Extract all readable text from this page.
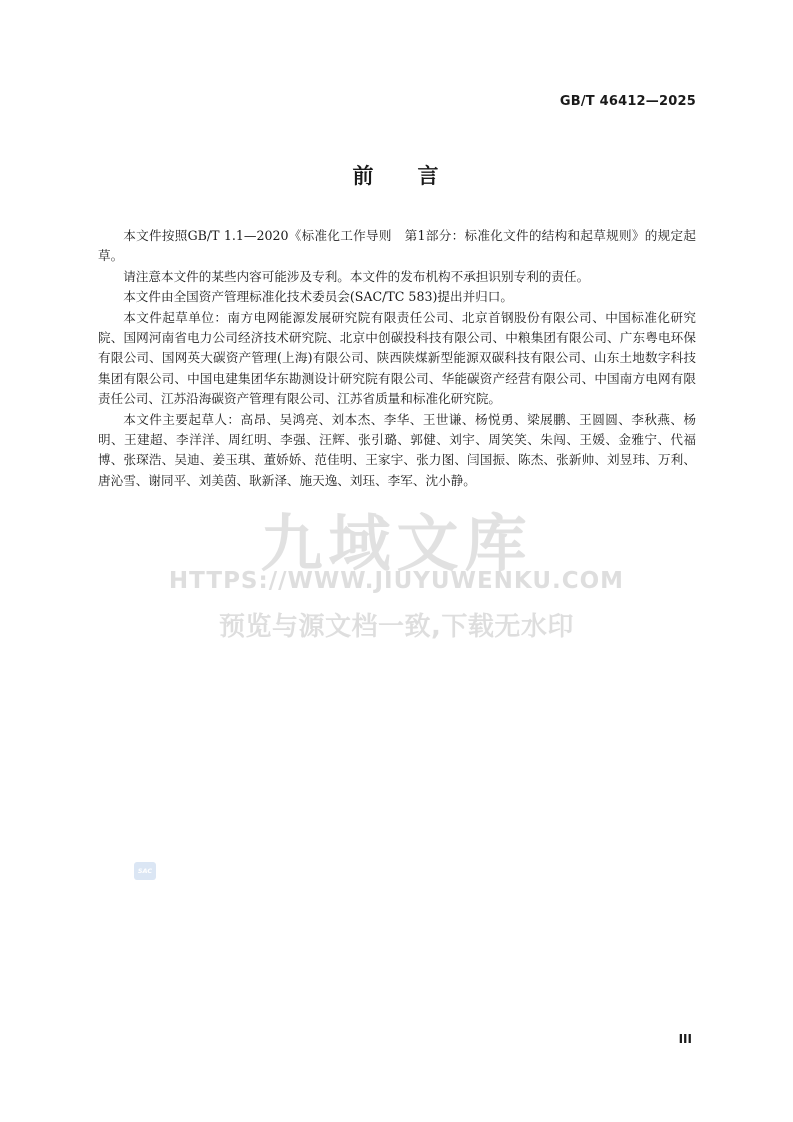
GB/T 46412—2025
前 言

本文件按照GB/T 1.1—2020《标准化工作导则　第1部分：标准化文件的结构和起草规则》的规定起草。

请注意本文件的某些内容可能涉及专利。本文件的发布机构不承担识别专利的责任。

本文件由全国资产管理标准化技术委员会(SAC/TC 583)提出并归口。

本文件起草单位：南方电网能源发展研究院有限责任公司、北京首钢股份有限公司、中国标准化研究院、国网河南省电力公司经济技术研究院、北京中创碳投科技有限公司、中粮集团有限公司、广东粤电环保有限公司、国网英大碳资产管理(上海)有限公司、陕西陕煤新型能源双碳科技有限公司、山东土地数字科技集团有限公司、中国电建集团华东勘测设计研究院有限公司、华能碳资产经营有限公司、中国南方电网有限责任公司、江苏沿海碳资产管理有限公司、江苏省质量和标准化研究院。

本文件主要起草人：高昂、吴鸿亮、刘本杰、李华、王世谦、杨悦勇、梁展鹏、王圆圆、李秋燕、杨明、王建超、李洋洋、周红明、李强、汪辉、张引璐、郭健、刘宇、周笑笑、朱闯、王媛、金雅宁、代福博、张琛浩、吴迪、姜玉琪、董娇娇、范佳明、王家宇、张力图、闫国振、陈杰、张新帅、刘昱玮、万利、唐沁雪、谢同平、刘美茵、耿新泽、施天逸、刘珏、李军、沈小静。

九域文库
HTTPS://WWW.JIUYUWENKU.COM
预览与源文档一致,下载无水印
SAC
III
